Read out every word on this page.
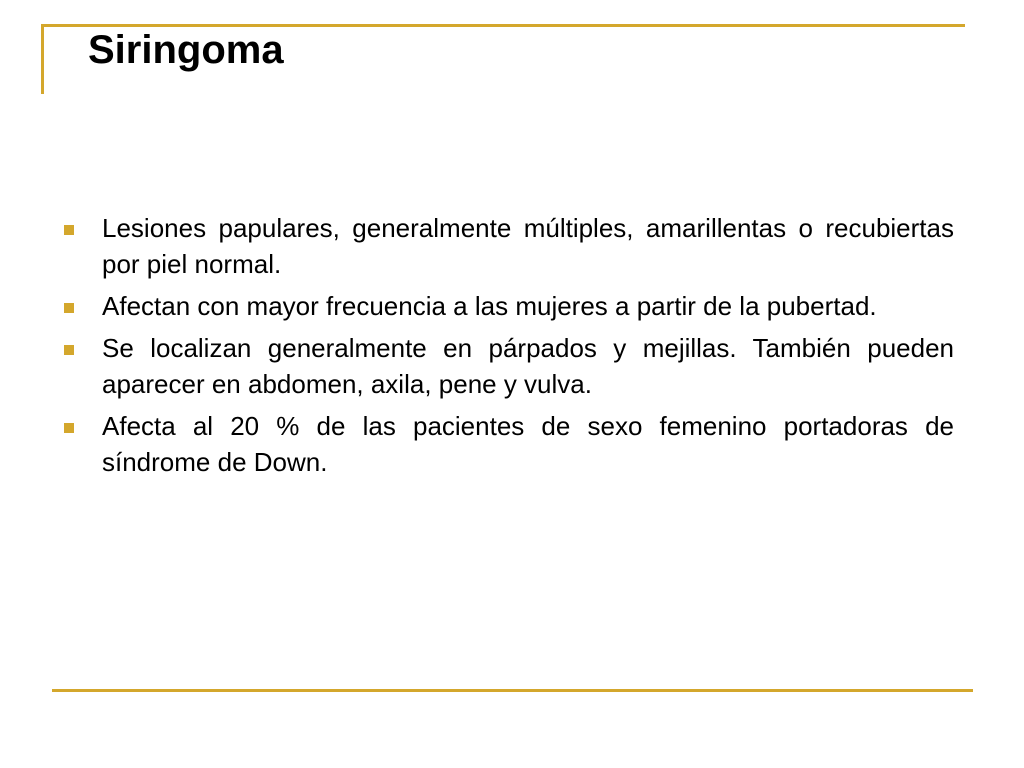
Siringoma
Lesiones papulares, generalmente múltiples, amarillentas o recubiertas por piel normal.
Afectan con mayor frecuencia a las mujeres a partir de la pubertad.
Se localizan generalmente en párpados y mejillas. También pueden aparecer en abdomen, axila, pene y vulva.
Afecta al 20 % de las pacientes de sexo femenino portadoras de síndrome de Down.
